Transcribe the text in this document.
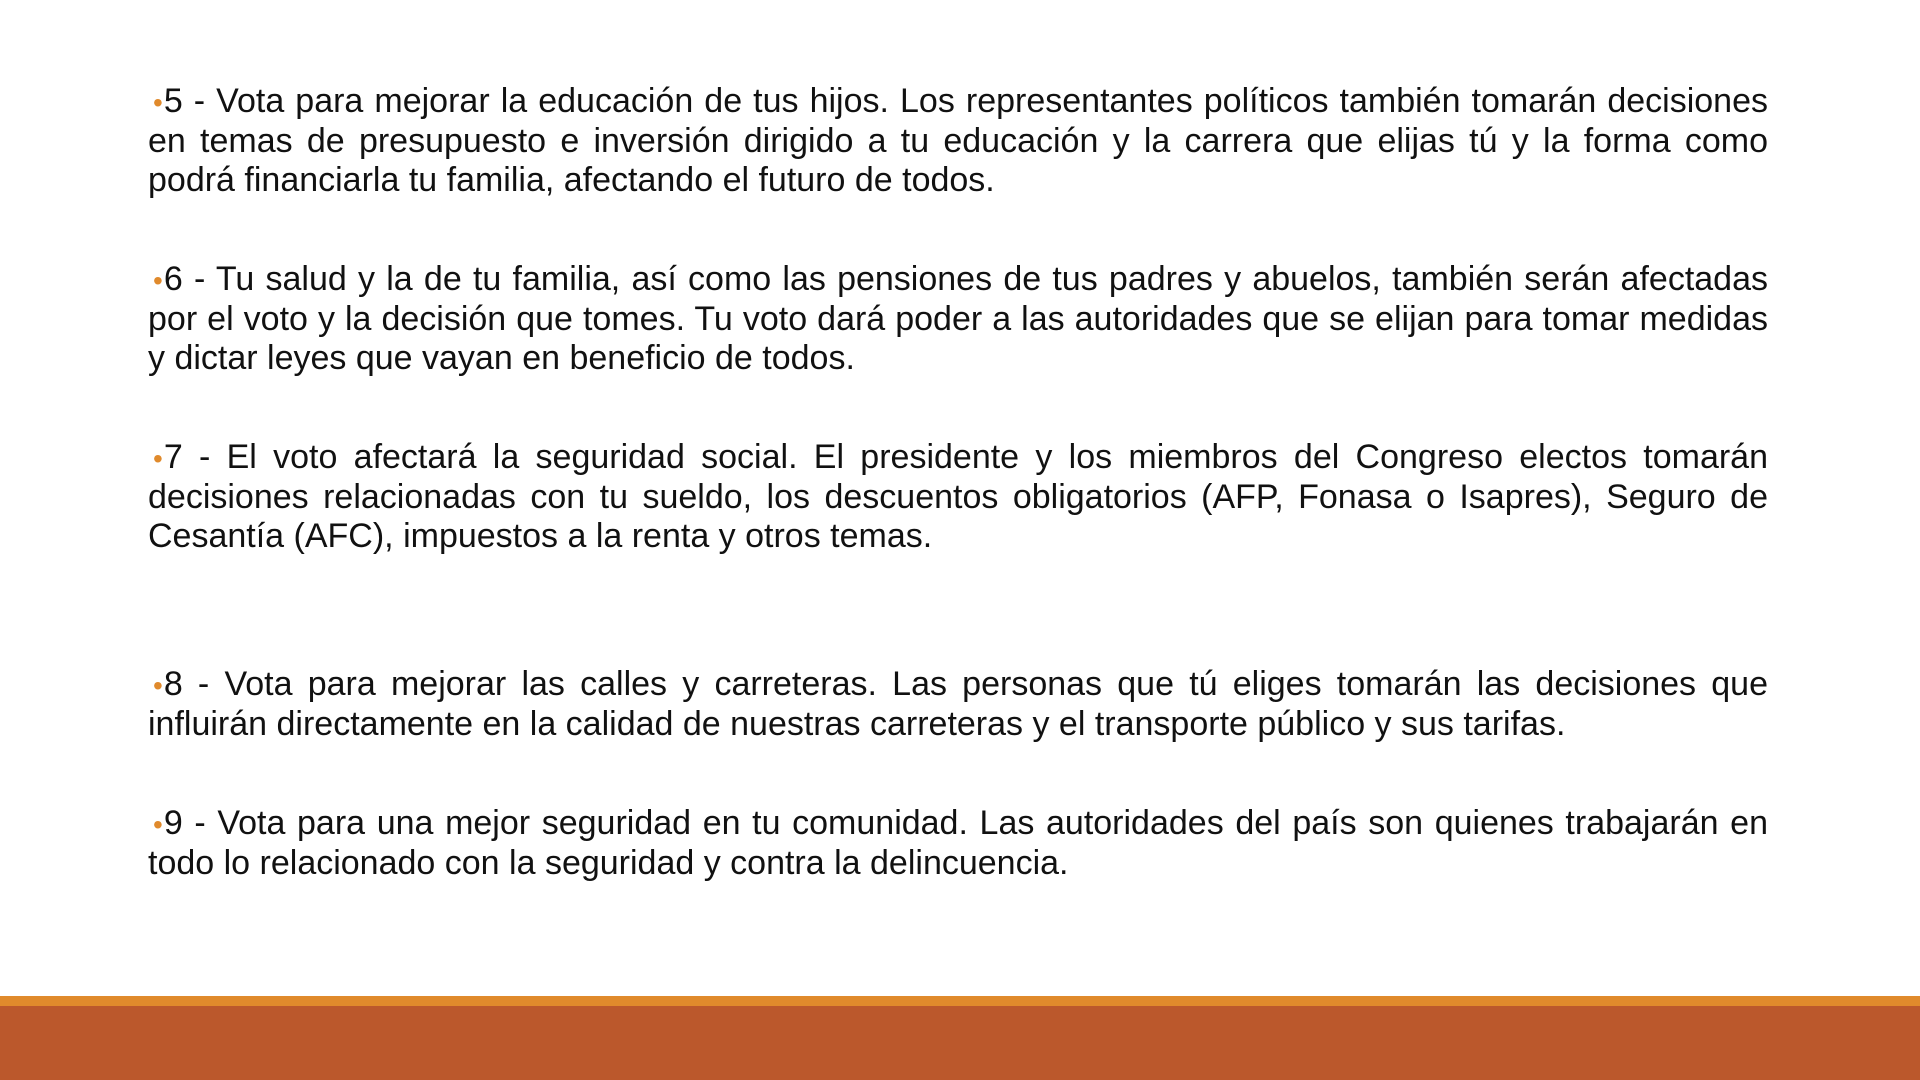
•5 - Vota para mejorar la educación de tus hijos. Los representantes políticos también tomarán decisiones en temas de presupuesto e inversión dirigido a tu educación y la carrera que elijas tú y la forma como podrá financiarla tu familia, afectando el futuro de todos.

•6 - Tu salud y la de tu familia, así como las pensiones de tus padres y abuelos, también serán afectadas por el voto y la decisión que tomes. Tu voto dará poder a las autoridades que se elijan para tomar medidas y dictar leyes que vayan en beneficio de todos.

•7 - El voto afectará la seguridad social. El presidente y los miembros del Congreso electos tomarán decisiones relacionadas con tu sueldo, los descuentos obligatorios (AFP, Fonasa o Isapres), Seguro de Cesantía (AFC), impuestos a la renta y otros temas.

•8 - Vota para mejorar las calles y carreteras. Las personas que tú eliges tomarán las decisiones que influirán directamente en la calidad de nuestras carreteras y el transporte público y sus tarifas.

•9 - Vota para una mejor seguridad en tu comunidad. Las autoridades del país son quienes trabajarán en todo lo relacionado con la seguridad y contra la delincuencia.
